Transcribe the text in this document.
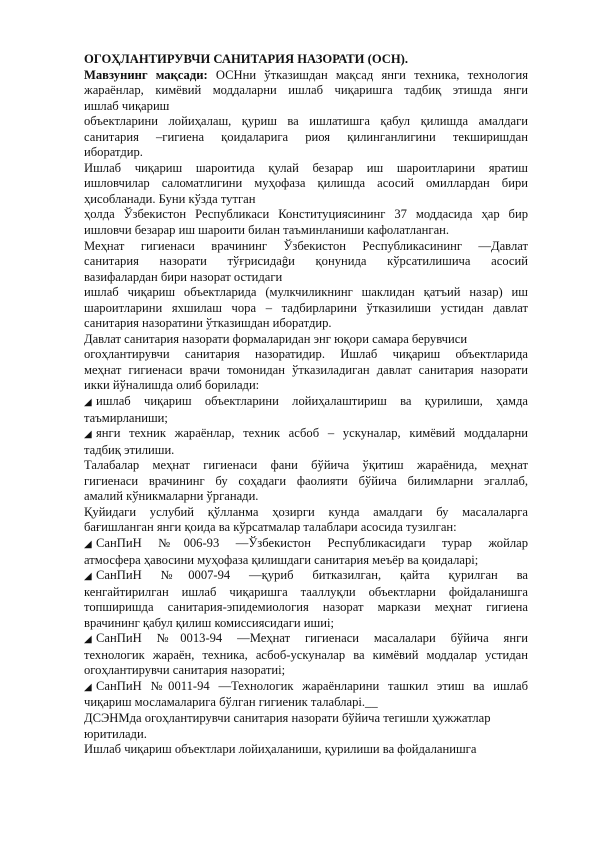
ОГОҲЛАНТИРУВЧИ САНИТАРИЯ НАЗОРАТИ (ОСН).
Мавзунинг мақсади: ОСНни ўтказишдан мақсад янги техника, технология
жараёнлар, кимёвий моддаларни ишлаб чиқаришга тадбиқ этишда янги
ишлаб чиқариш
объектларини лойиҳалаш, қуриш ва ишлатишга қабул қилишда амалдаги
санитария –гигиена қоидаларига риоя қилинганлигини текширишдан
иборатдир.
Ишлаб чиқариш шароитида қулай безарар иш шароитларини яратиш
ишловчилар саломатлигини муҳофаза қилишда асосий омиллардан бири
ҳисобланади. Буни кўзда тутган
ҳолда Ўзбекистон Республикаси Конституциясининг 37 моддасида ҳар бир
ишловчи безарар иш шароити билан таъминланиши кафолатланган.
Меҳнат гигиенаси врачининг Ўзбекистон Республикасининг ―Давлат
санитария назорати тўғрисидаĝи қонунида кўрсатилишича асосий
вазифалардан бири назорат остидаги
ишлаб чиқариш объектларида (мулкчиликнинг шаклидан қатъий назар) иш
шароитларини яхшилаш чора – тадбирларини ўтказилиши устидан давлат
санитария назоратини ўтказишдан иборатдир.
Давлат санитария назорати формаларидан энг юқори самара берувчиси
огоҳлантирувчи санитария назоратидир. Ишлаб чиқариш объектларида
меҳнат гигиенаси врачи томонидан ўтказиладиган давлат санитария назорати
икки йўналишда олиб борилади:
◢ ишлаб чиқариш объектларини лойиҳалаштириш ва қурилиши, ҳамда
таъмирланиши;
◢ янги техник жараёнлар, техник асбоб – ускуналар, кимёвий моддаларни
тадбиқ этилиши.
Талабалар меҳнат гигиенаси фани бўйича ўқитиш жараёнида, меҳнат
гигиенаси врачининг бу соҳадаги фаолияти бўйича билимларни эгаллаб,
амалий кўникмаларни ўрганади.
Қуйидаги услубий қўлланма ҳозирги кунда амалдаги бу масалаларга
бағишланган янги қоида ва кўрсатмалар талаблари асосида тузилган:
◢ СанПиН №006-93 ―Ўзбекистон Республикасидаги турар жойлар
атмосфера ҳавосини муҳофаза қилишдаги санитария меъёр ва қоидаларі;
◢ СанПиН №0007-94 ―қуриб битказилган, қайта қурилган ва
кенгайтирилган ишлаб чиқаришга тааллуқли объектларни фойдаланишга
топширишда санитария-эпидемиология назорат маркази меҳнат гигиена
врачининг қабул қилиш комиссиясидаги ишиі;
◢ СанПиН №0013-94 ―Меҳнат гигиенаси масалалари бўйича янги
технологик жараён, техника, асбоб-ускуналар ва кимёвий моддалар устидан
огоҳлантирувчи санитария назоратиі;
◢ СанПиН №0011-94 ―Технологик жараёнларини ташкил этиш ва ишлаб
чиқариш мосламаларига бўлган гигиеник талабларі.__
ДСЭНМда огоҳлантирувчи санитария назорати бўйича тегишли ҳужжатлар
юритилади.
Ишлаб чиқариш объектлари лойиҳаланиши, қурилиши ва фойдаланишга
